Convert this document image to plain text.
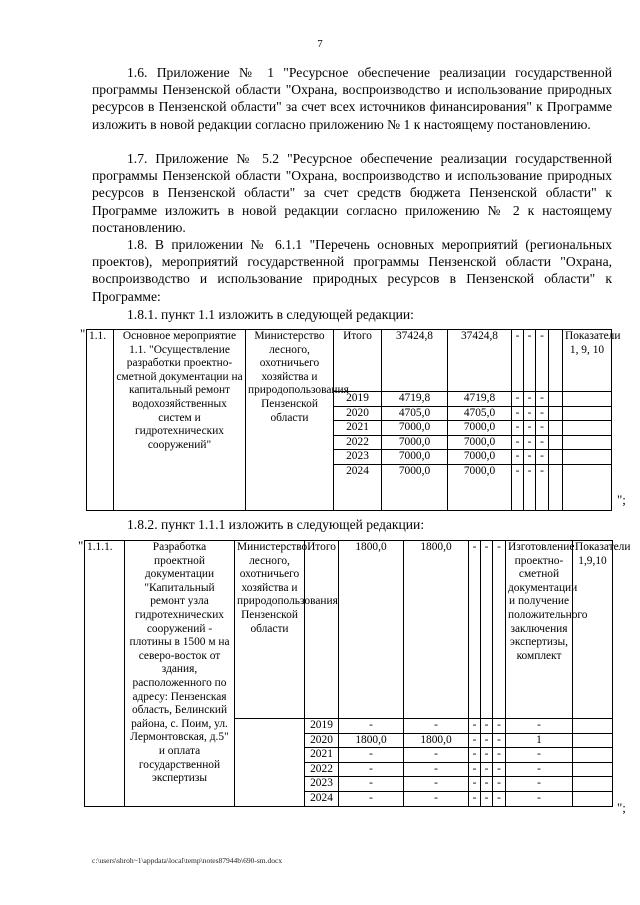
7

1.6. Приложение № 1 "Ресурсное обеспечение реализации государственной программы Пензенской области "Охрана, воспроизводство и использование природных ресурсов в Пензенской области" за счет всех источников финансирования" к Программе изложить в новой редакции согласно приложению № 1 к настоящему постановлению.

1.7. Приложение № 5.2 "Ресурсное обеспечение реализации государственной программы Пензенской области "Охрана, воспроизводство и использование природных ресурсов в Пензенской области" за счет средств бюджета Пензенской области" к Программе изложить в новой редакции согласно приложению № 2 к настоящему постановлению.

1.8. В приложении № 6.1.1 "Перечень основных мероприятий (региональных проектов), мероприятий государственной программы Пензенской области "Охрана, воспроизводство и использование природных ресурсов в Пензенской области" к Программе:

1.8.1. пункт 1.1 изложить в следующей редакции:
"
";
1.1.	Основное мероприятие 1.1. "Осуществление разработки проектно-сметной документации на капитальный ремонт водохозяйственных систем и гидротехнических сооружений"	Министерство лесного, охотничьего хозяйства и природопользования Пензенской области	Итого	37424,8	37424,8	-	-	-		Показатели 1, 9, 10
			2019	4719,8	4719,8	-	-	-		
			2020	4705,0	4705,0	-	-	-		
			2021	7000,0	7000,0	-	-	-		
			2022	7000,0	7000,0	-	-	-		
			2023	7000,0	7000,0	-	-	-		
			2024	7000,0	7000,0	-	-	-		
1.8.2. пункт 1.1.1 изложить в следующей редакции:
"
";
1.1.1.	Разработка проектной документации "Капитальный ремонт узла гидротехнических сооружений - плотины в 1500 м на северо-восток от здания, расположенного по адресу: Пензенская область, Белинский района, с. Поим, ул. Лермонтовская, д.5" и оплата государственной экспертизы	Министерство лесного, охотничьего хозяйства и природопользования Пензенской области	Итого	1800,0	1800,0	-	-	-	Изготовление проектно-сметной документации и получение положительного заключения экспертизы, комплект	Показатели 1,9,10
			2019	-	-	-	-	-	-	
			2020	1800,0	1800,0	-	-	-	1	
			2021	-	-	-	-	-	-	
			2022	-	-	-	-	-	-	
			2023	-	-	-	-	-	-	
			2024	-	-	-	-	-	-	
c:\users\shroh~1\appdata\local\temp\notes87944b\690-sm.docx
